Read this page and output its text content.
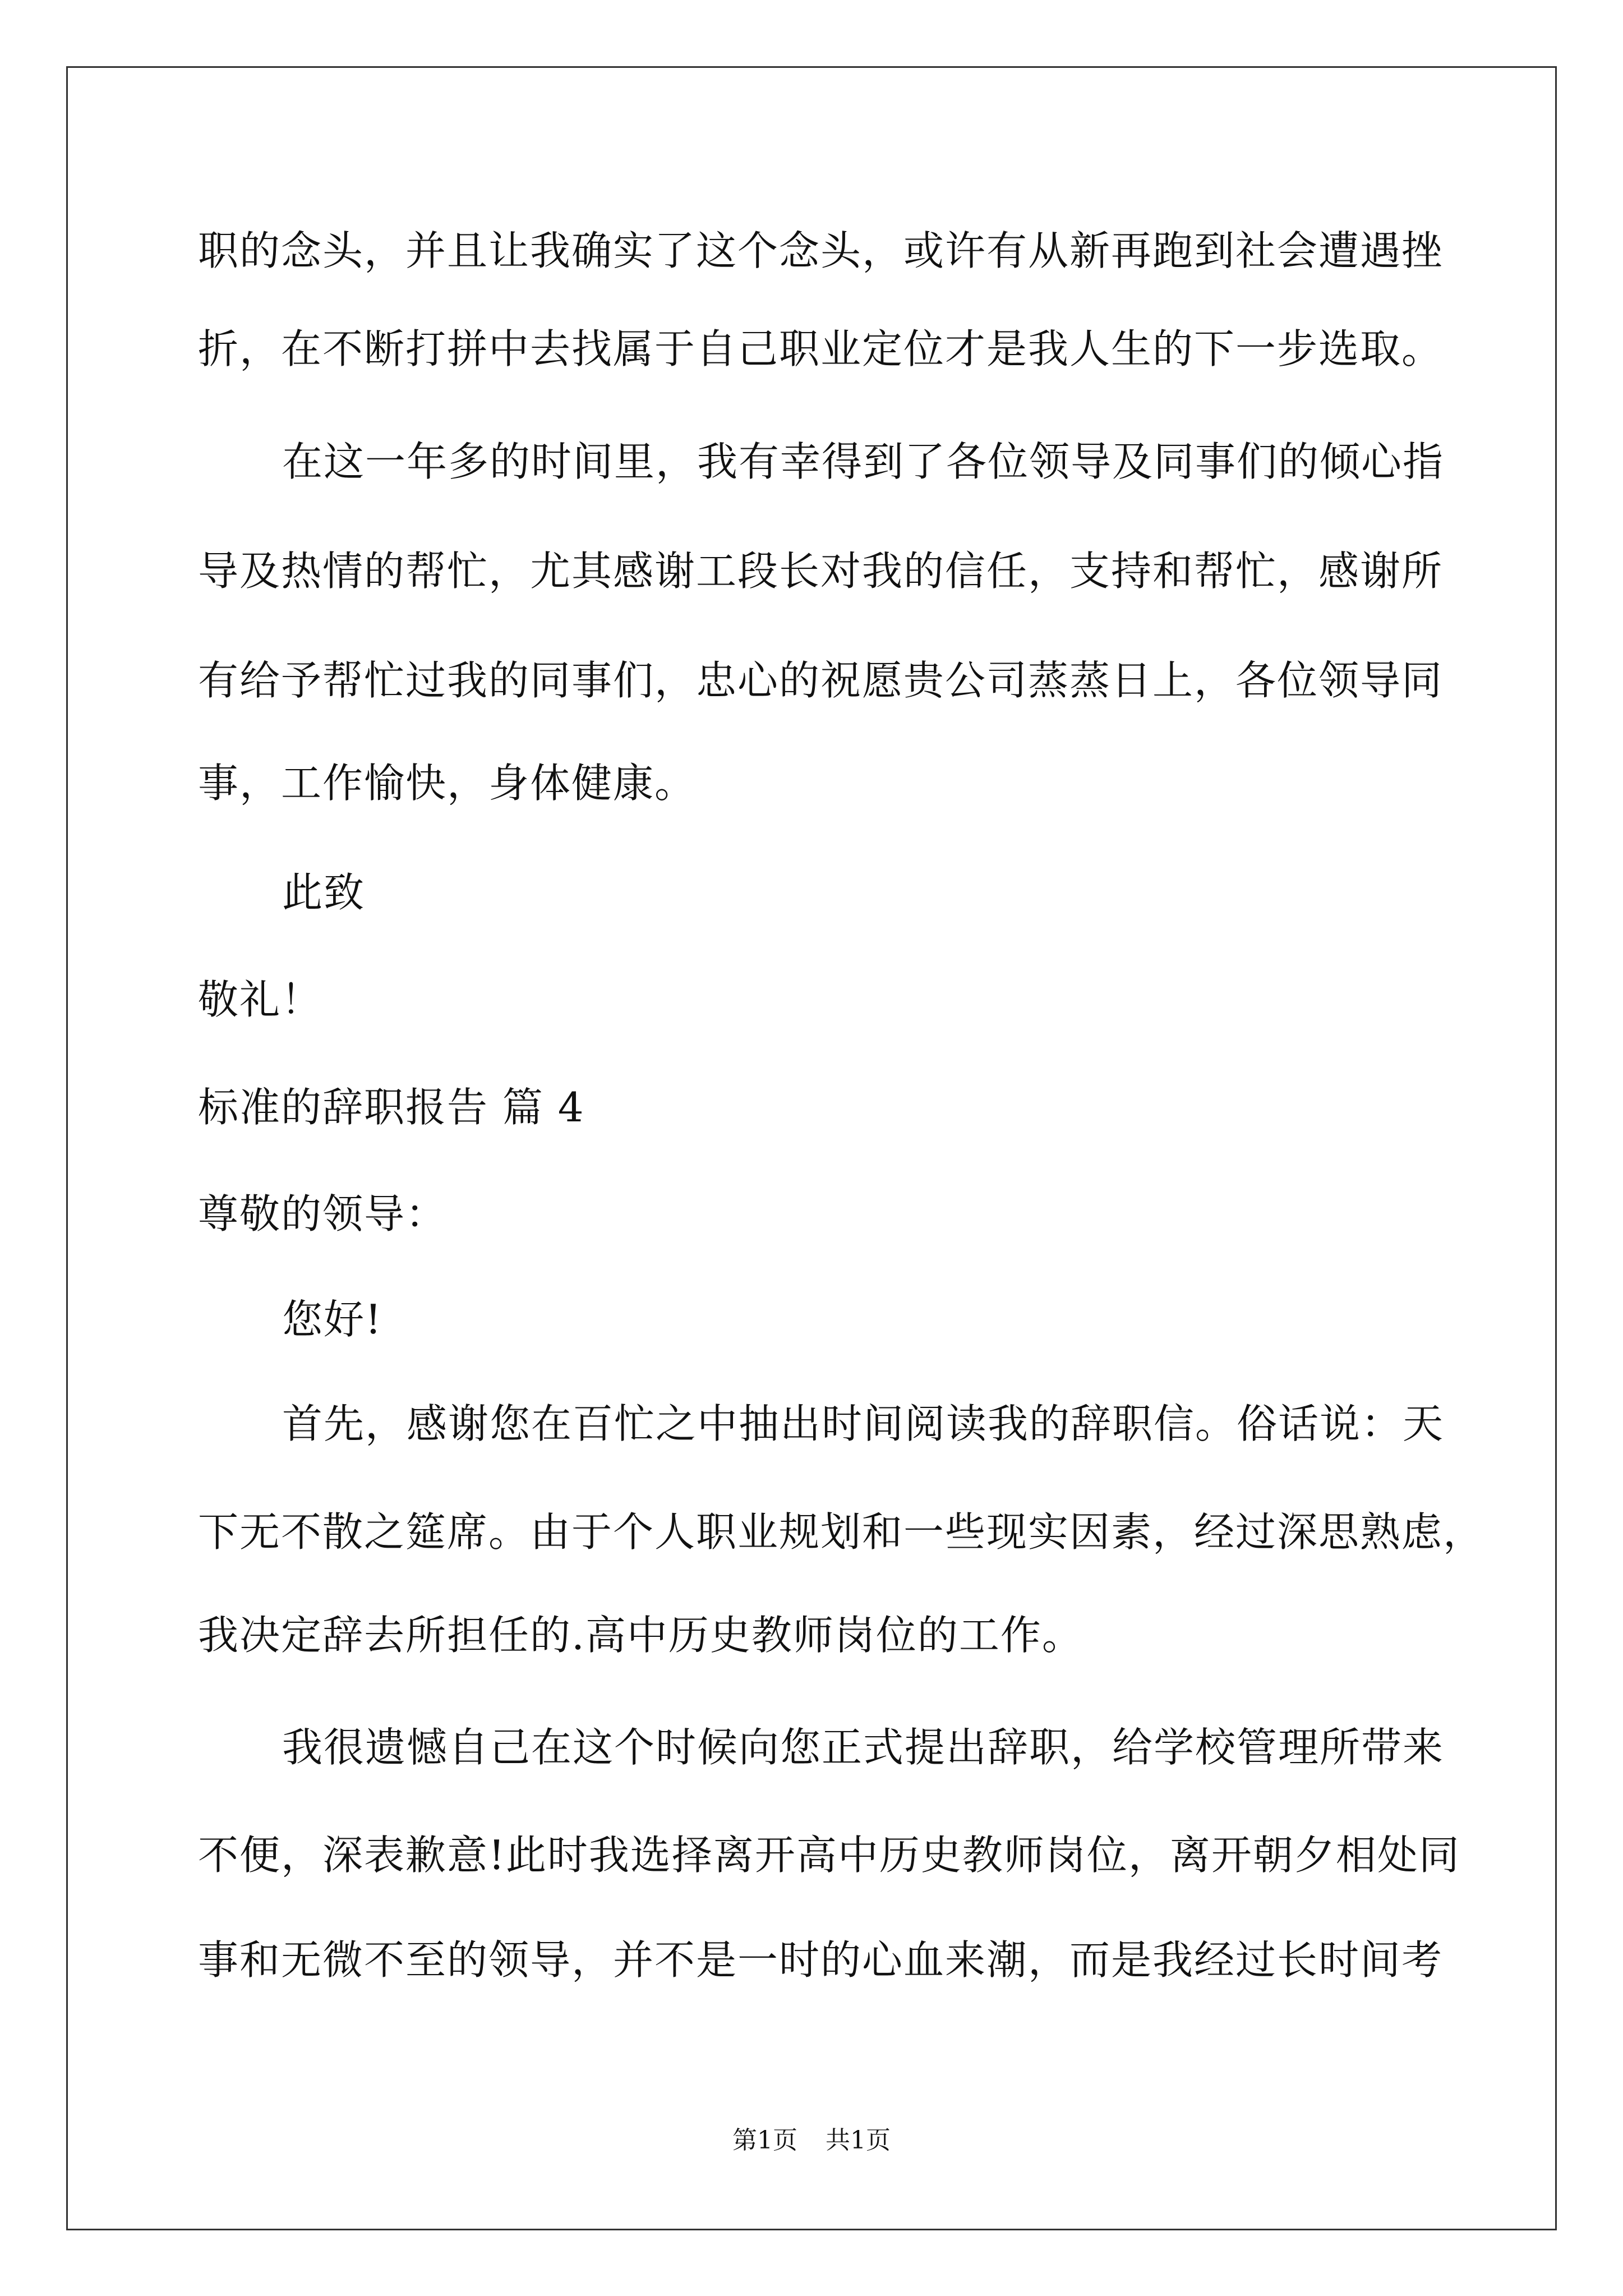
职的念头，并且让我确实了这个念头，或许有从新再跑到社会遭遇挫
折，在不断打拼中去找属于自己职业定位才是我人生的下一步选取。
在这一年多的时间里，我有幸得到了各位领导及同事们的倾心指
导及热情的帮忙，尤其感谢工段长对我的信任，支持和帮忙，感谢所
有给予帮忙过我的同事们，忠心的祝愿贵公司蒸蒸日上，各位领导同
事，工作愉快，身体健康。
此致
敬礼！
标准的辞职报告 篇 4
尊敬的领导：
您好!
首先，感谢您在百忙之中抽出时间阅读我的辞职信。俗话说：天
下无不散之筵席。由于个人职业规划和一些现实因素，经过深思熟虑，
我决定辞去所担任的.高中历史教师岗位的工作。
我很遗憾自己在这个时候向您正式提出辞职，给学校管理所带来
不便，深表歉意!此时我选择离开高中历史教师岗位，离开朝夕相处同
事和无微不至的领导，并不是一时的心血来潮，而是我经过长时间考
第1页 共1页
